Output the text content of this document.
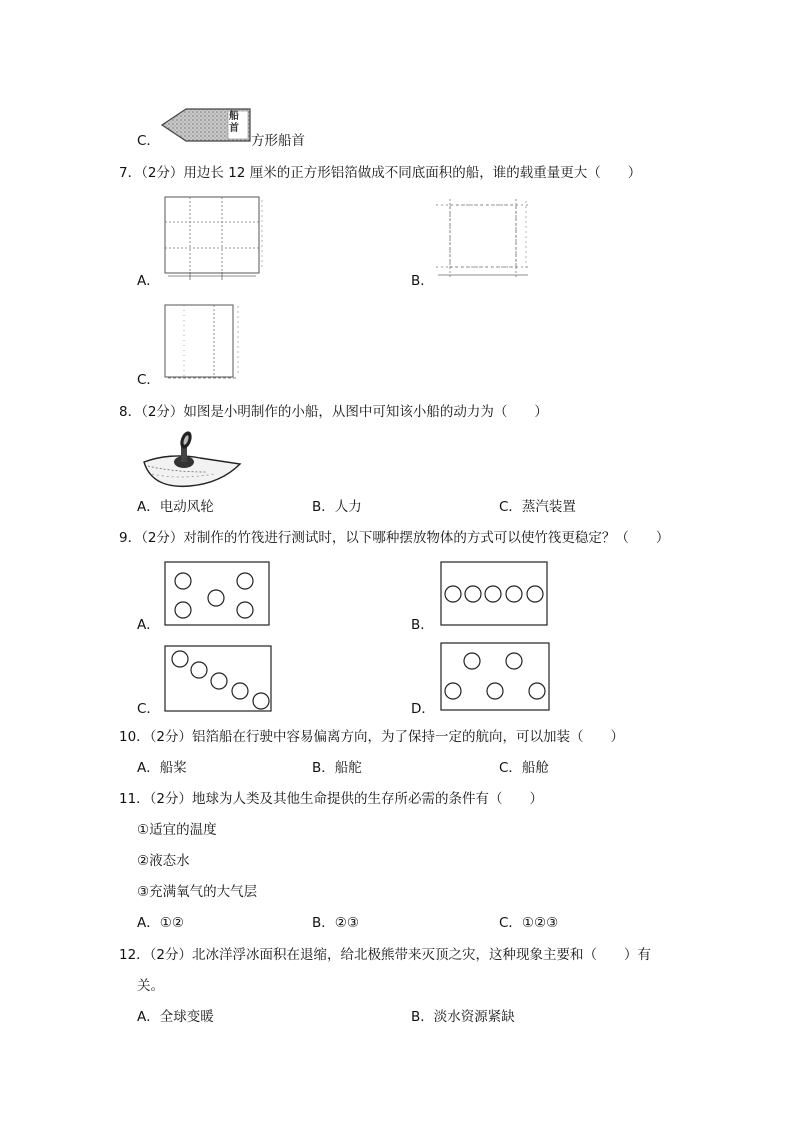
C．
船首
方形船首
7．（2分）用边长 12 厘米的正方形铝箔做成不同底面积的船，谁的载重量更大（　　）
A．	B．
C．
8．（2分）如图是小明制作的小船，从图中可知该小船的动力为（　　）
A．电动风轮	B．人力	C．蒸汽装置
9．（2分）对制作的竹筏进行测试时，以下哪种摆放物体的方式可以使竹筏更稳定？（　　）
A．	B．
C．	D．
10．（2分）铝箔船在行驶中容易偏离方向，为了保持一定的航向，可以加装（　　）
A．船桨	B．船舵	C．船舱
11．（2分）地球为人类及其他生命提供的生存所必需的条件有（　　）
①适宜的温度
②液态水
③充满氧气的大气层
A．①②	B．②③	C．①②③
12．（2分）北冰洋浮冰面积在退缩，给北极熊带来灭顶之灾，这种现象主要和（　　）有
关。
A．全球变暖	B．淡水资源紧缺
